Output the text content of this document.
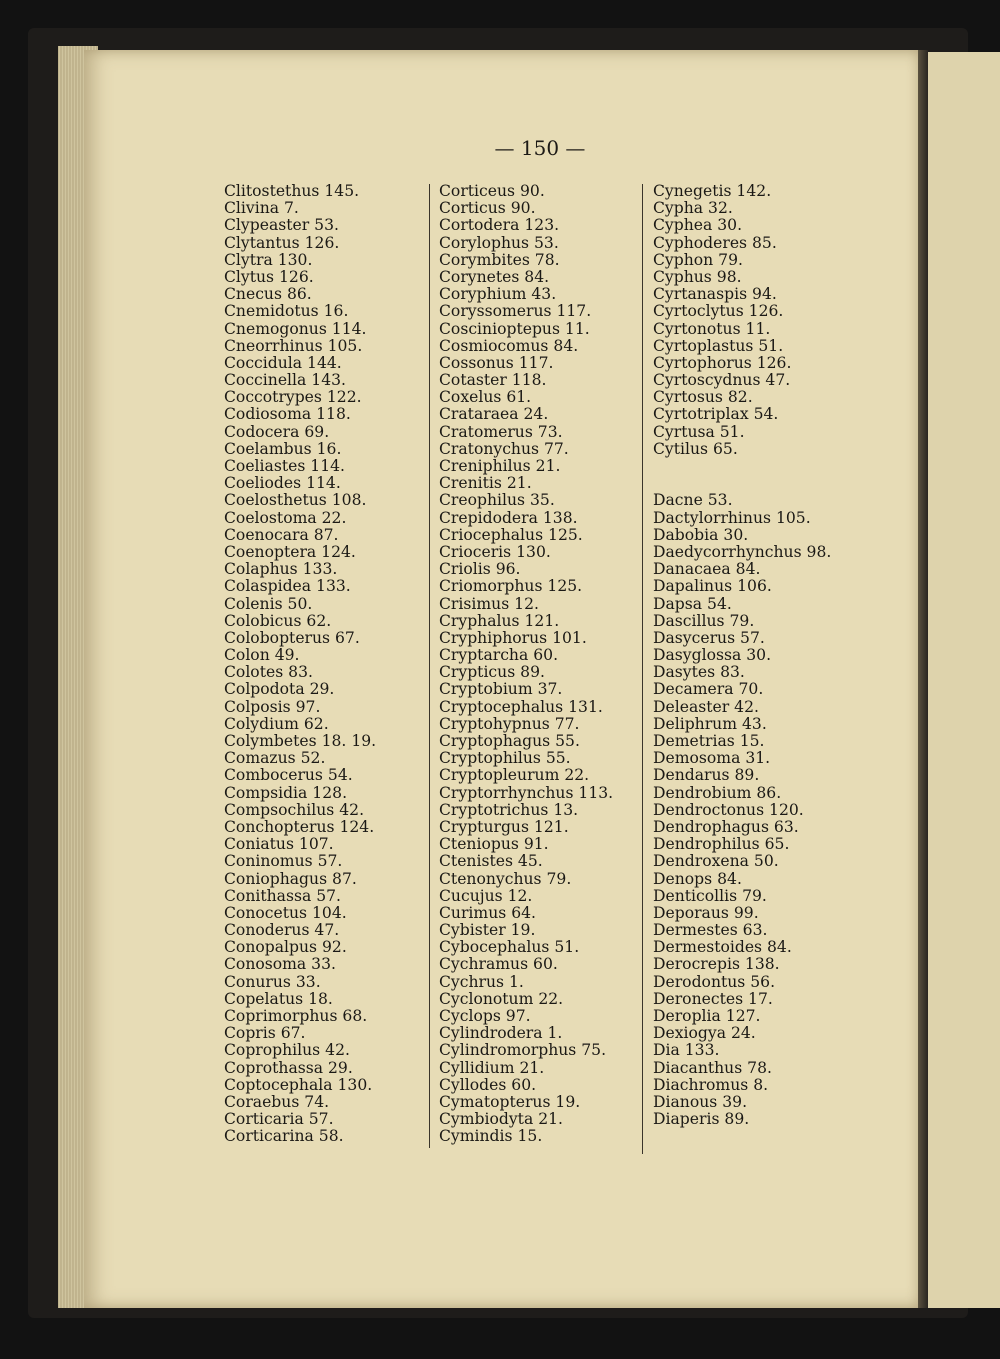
— 150 —

Clitostethus 145.
Clivina 7.
Clypeaster 53.
Clytantus 126.
Clytra 130.
Clytus 126.
Cnecus 86.
Cnemidotus 16.
Cnemogonus 114.
Cneorrhinus 105.
Coccidula 144.
Coccinella 143.
Coccotrypes 122.
Codiosoma 118.
Codocera 69.
Coelambus 16.
Coeliastes 114.
Coeliodes 114.
Coelosthetus 108.
Coelostoma 22.
Coenocara 87.
Coenoptera 124.
Colaphus 133.
Colaspidea 133.
Colenis 50.
Colobicus 62.
Colobopterus 67.
Colon 49.
Colotes 83.
Colpodota 29.
Colposis 97.
Colydium 62.
Colymbetes 18. 19.
Comazus 52.
Combocerus 54.
Compsidia 128.
Compsochilus 42.
Conchopterus 124.
Coniatus 107.
Coninomus 57.
Coniophagus 87.
Conithassa 57.
Conocetus 104.
Conoderus 47.
Conopalpus 92.
Conosoma 33.
Conurus 33.
Copelatus 18.
Coprimorphus 68.
Copris 67.
Coprophilus 42.
Coprothassa 29.
Coptocephala 130.
Coraebus 74.
Corticaria 57.
Corticarina 58.
Corticeus 90.
Corticus 90.
Cortodera 123.
Corylophus 53.
Corymbites 78.
Corynetes 84.
Coryphium 43.
Coryssomerus 117.
Coscinioptерus 11.
Cosmiocomus 84.
Cossonus 117.
Cotaster 118.
Coxelus 61.
Crataraea 24.
Cratomerus 73.
Cratonychus 77.
Creniphilus 21.
Crenitis 21.
Creophilus 35.
Crepidodera 138.
Criocephalus 125.
Crioceris 130.
Criolis 96.
Criomorphus 125.
Crisimus 12.
Cryphalus 121.
Cryphiphorus 101.
Cryptarcha 60.
Crypticus 89.
Cryptobium 37.
Cryptocephalus 131.
Cryptohypnus 77.
Cryptophagus 55.
Cryptophilus 55.
Cryptopleurum 22.
Cryptorrhynchus 113.
Cryptotrichus 13.
Crypturgus 121.
Cteniopus 91.
Ctenistes 45.
Ctenonychus 79.
Cucujus 12.
Curimus 64.
Cybister 19.
Cybocephalus 51.
Cychramus 60.
Cychrus 1.
Cyclonotum 22.
Cyclops 97.
Cylindrodera 1.
Cylindromorphus 75.
Cyllidium 21.
Cyllodes 60.
Cymatopterus 19.
Cymbiodyta 21.
Cymindis 15.
Cynegetis 142.
Cypha 32.
Cyphea 30.
Cyphoderes 85.
Cyphon 79.
Cyphus 98.
Cyrtanaspis 94.
Cyrtoclytus 126.
Cyrtonotus 11.
Cyrtoplastus 51.
Cyrtophorus 126.
Cyrtoscydnus 47.
Cyrtosus 82.
Cyrtotriplax 54.
Cyrtusa 51.
Cytilus 65.
Dacne 53.
Dactylorrhinus 105.
Dabobia 30.
Daedycorrhynchus 98.
Danacaea 84.
Dapalinus 106.
Dapsa 54.
Dascillus 79.
Dasycerus 57.
Dasyglossa 30.
Dasytes 83.
Decamera 70.
Deleaster 42.
Deliphrum 43.
Demetrias 15.
Demosoma 31.
Dendarus 89.
Dendrobium 86.
Dendroctonus 120.
Dendrophagus 63.
Dendrophilus 65.
Dendroxena 50.
Denops 84.
Denticollis 79.
Deporaus 99.
Dermestes 63.
Dermestoides 84.
Derocrepis 138.
Derodontus 56.
Deronectes 17.
Deroplia 127.
Dexiogya 24.
Dia 133.
Diacanthus 78.
Diachromus 8.
Dianous 39.
Diaperis 89.
